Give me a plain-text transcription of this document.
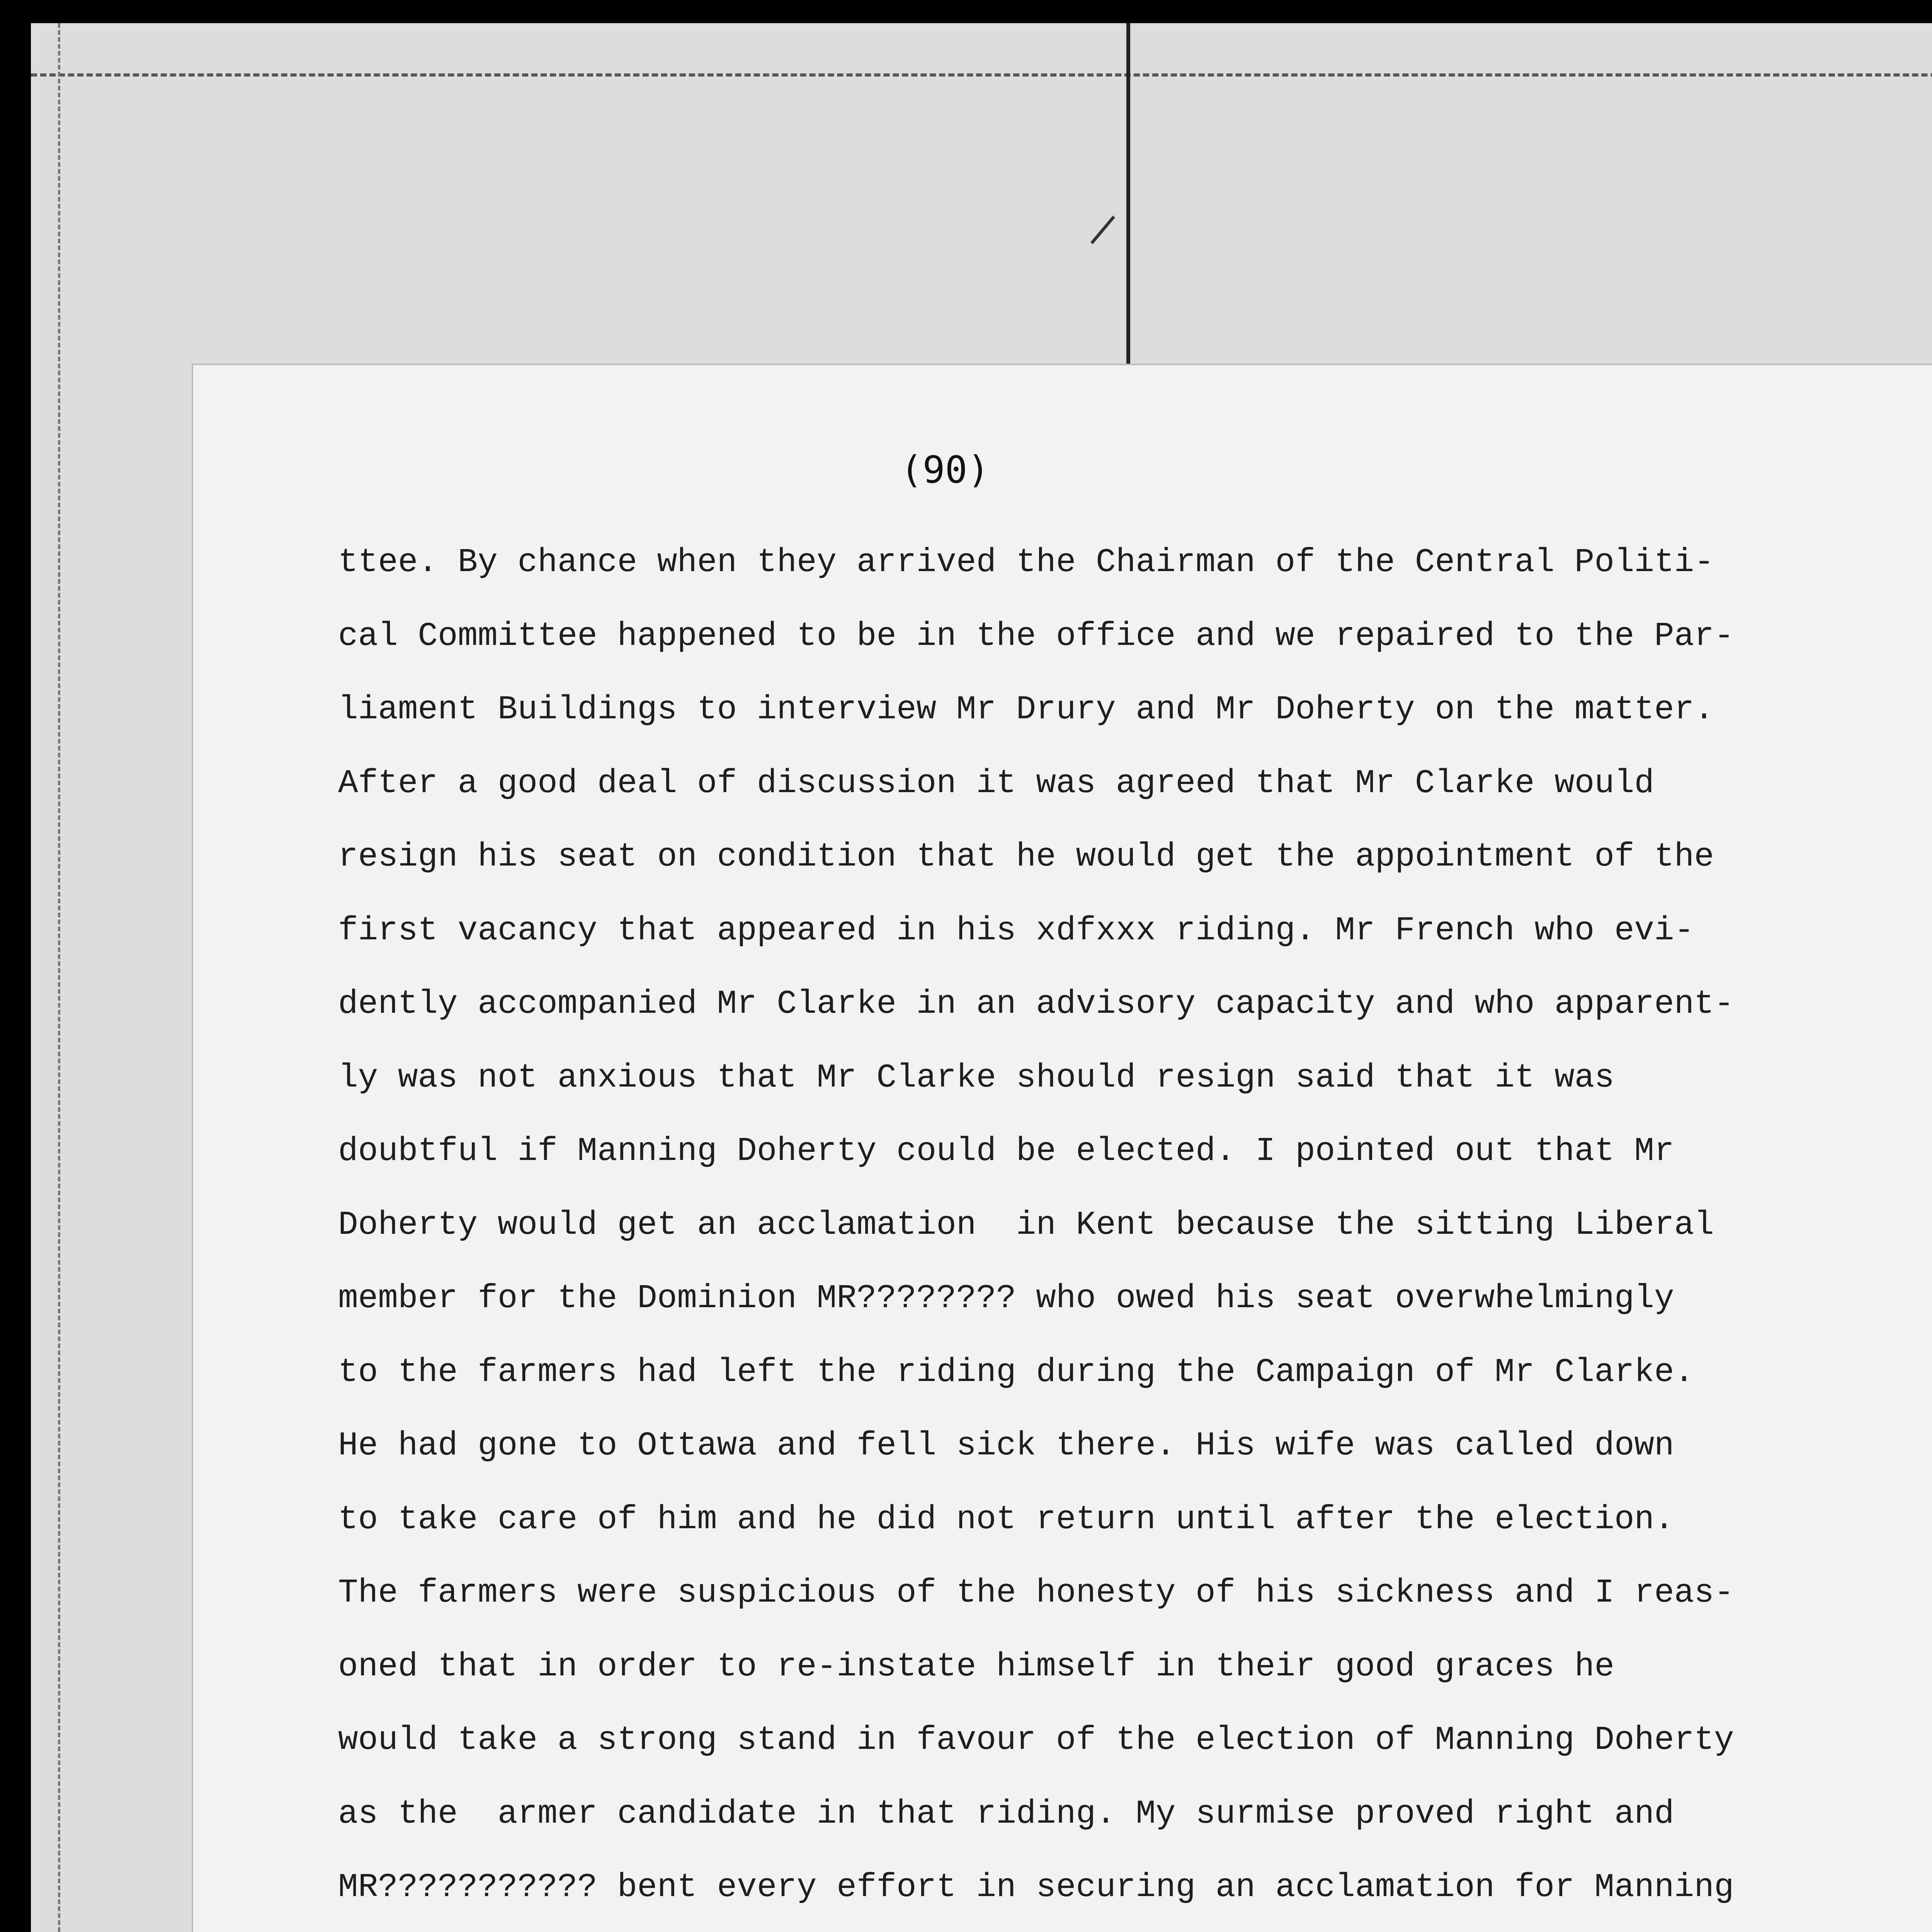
(90)
ttee. By chance when they arrived the Chairman of the Central Politi-
cal Committee happened to be in the office and we repaired to the Par-
liament Buildings to interview Mr Drury and Mr Doherty on the matter.
After a good deal of discussion it was agreed that Mr Clarke would
resign his seat on condition that he would get the appointment of the
first vacancy that appeared in his xdfxxx riding. Mr French who evi-
dently accompanied Mr Clarke in an advisory capacity and who apparent-
ly was not anxious that Mr Clarke should resign said that it was
doubtful if Manning Doherty could be elected. I pointed out that Mr
Doherty would get an acclamation  in Kent because the sitting Liberal
member for the Dominion MR???????? who owed his seat overwhelmingly
to the farmers had left the riding during the Campaign of Mr Clarke.
He had gone to Ottawa and fell sick there. His wife was called down
to take care of him and he did not return until after the election.
The farmers were suspicious of the honesty of his sickness and I reas-
oned that in order to re-instate himself in their good graces he
would take a strong stand in favour of the election of Manning Doherty
as the  armer candidate in that riding. My surmise proved right and
MR??????????? bent every effort in securing an acclamation for Manning
